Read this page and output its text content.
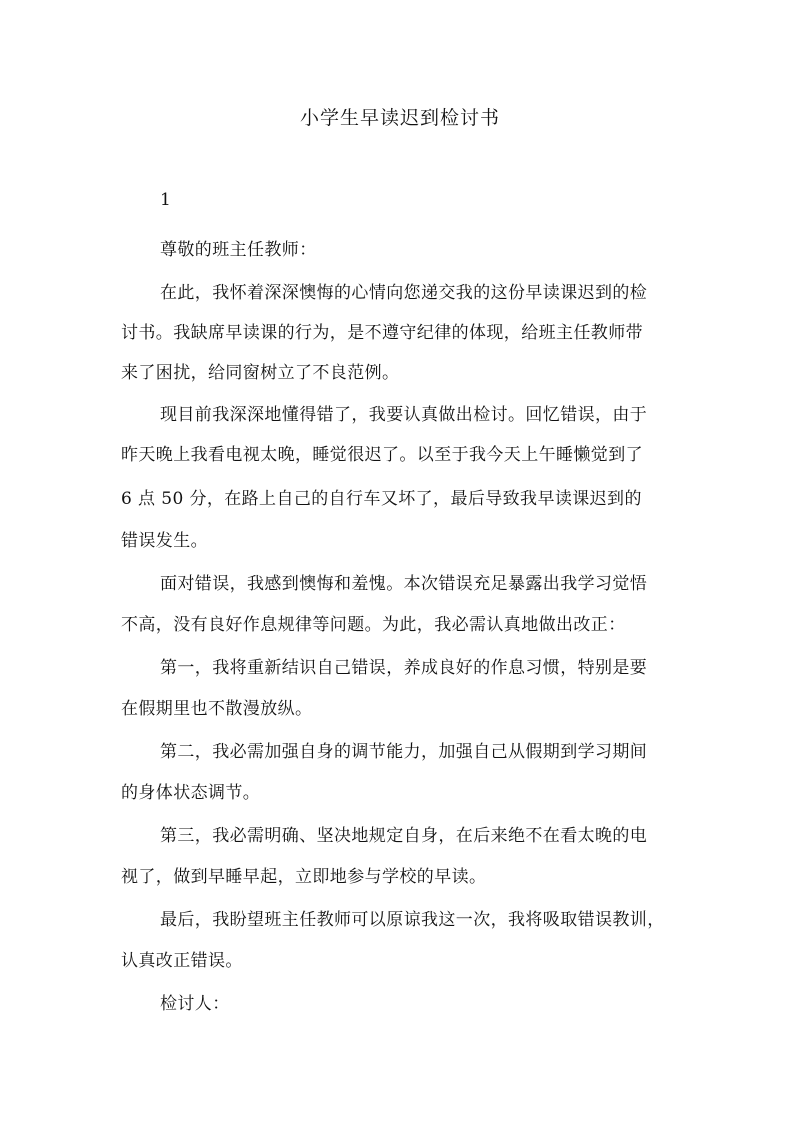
小学生早读迟到检讨书
1
尊敬的班主任教师：
在此，我怀着深深懊悔的心情向您递交我的这份早读课迟到的检
讨书。我缺席早读课的行为，是不遵守纪律的体现，给班主任教师带
来了困扰，给同窗树立了不良范例。
现目前我深深地懂得错了，我要认真做出检讨。回忆错误，由于
昨天晚上我看电视太晚，睡觉很迟了。以至于我今天上午睡懒觉到了
6 点 50 分，在路上自己的自行车又坏了，最后导致我早读课迟到的
错误发生。
面对错误，我感到懊悔和羞愧。本次错误充足暴露出我学习觉悟
不高，没有良好作息规律等问题。为此，我必需认真地做出改正：
第一，我将重新结识自己错误，养成良好的作息习惯，特别是要
在假期里也不散漫放纵。
第二，我必需加强自身的调节能力，加强自己从假期到学习期间
的身体状态调节。
第三，我必需明确、坚决地规定自身，在后来绝不在看太晚的电
视了，做到早睡早起，立即地参与学校的早读。
最后，我盼望班主任教师可以原谅我这一次，我将吸取错误教训，
认真改正错误。
检讨人：
